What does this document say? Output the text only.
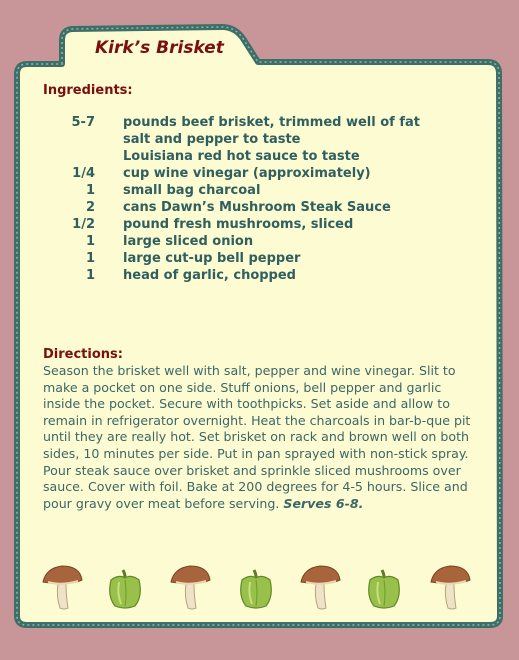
Kirk’s Brisket
Ingredients:
5-7 pounds beef brisket, trimmed well of fat
salt and pepper to taste
Louisiana red hot sauce to taste
1/4 cup wine vinegar (approximately)
1 small bag charcoal
2 cans Dawn’s Mushroom Steak Sauce
1/2 pound fresh mushrooms, sliced
1 large sliced onion
1 large cut-up bell pepper
1 head of garlic, chopped
Directions:

Season the brisket well with salt, pepper and wine vinegar. Slit to make a pocket on one side. Stuff onions, bell pepper and garlic inside the pocket. Secure with toothpicks. Set aside and allow to remain in refrigerator overnight. Heat the charcoals in bar-b-que pit until they are really hot. Set brisket on rack and brown well on both sides, 10 minutes per side. Put in pan sprayed with non-stick spray. Pour steak sauce over brisket and sprinkle sliced mushrooms over sauce. Cover with foil. Bake at 200 degrees for 4-5 hours. Slice and pour gravy over meat before serving. Serves 6-8.
